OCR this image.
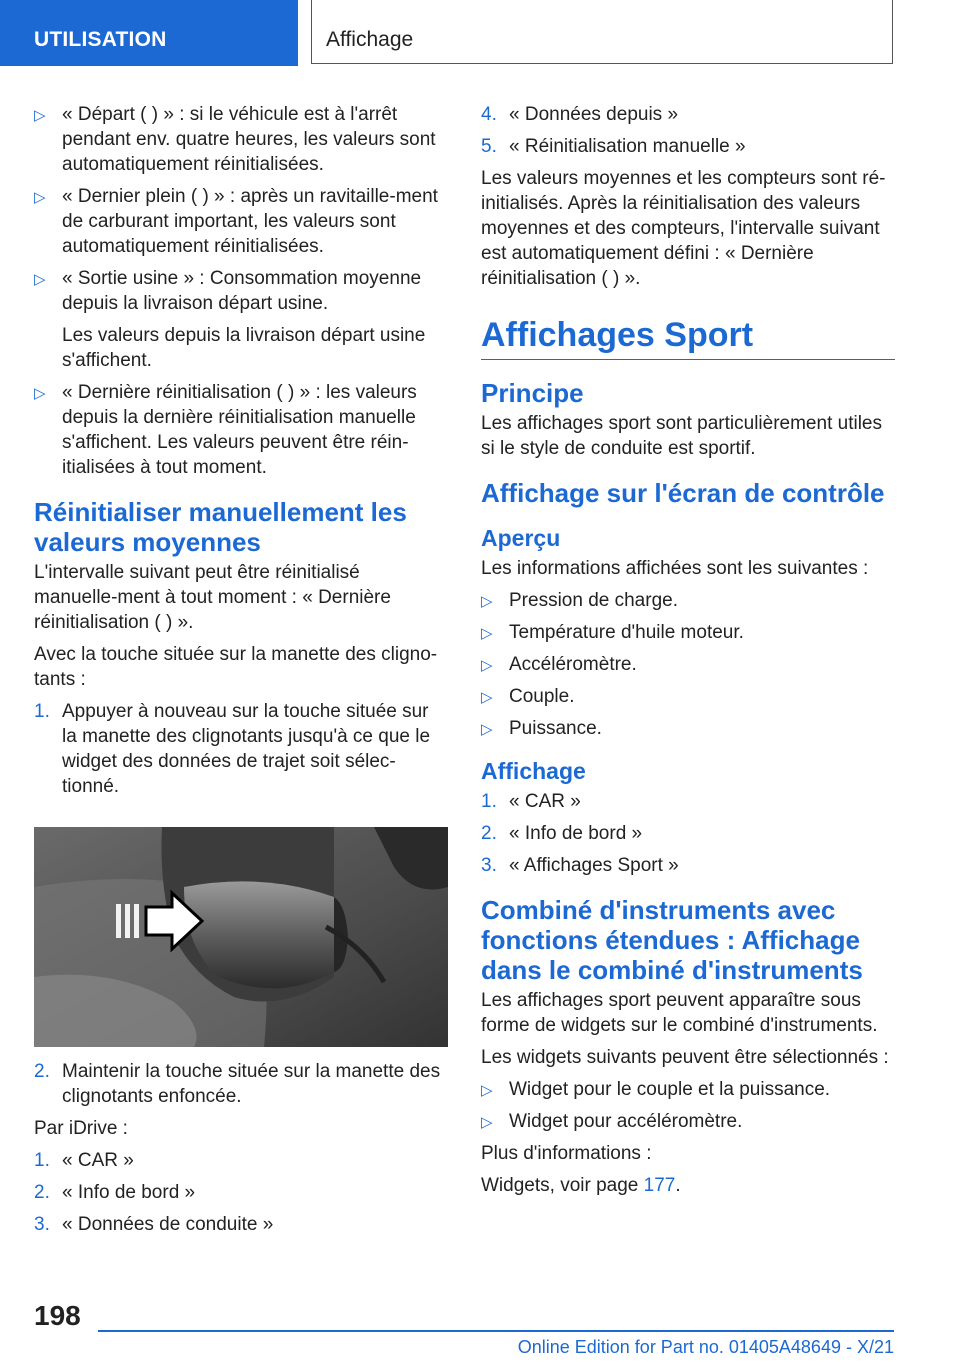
UTILISATION	Affichage
▷ « Départ ( ) » : si le véhicule est à l'arrêt pendant env. quatre heures, les valeurs sont automatiquement réinitialisées.
▷ « Dernier plein ( ) » : après un ravitaille-ment de carburant important, les valeurs sont automatiquement réinitialisées.
▷ « Sortie usine » : Consommation moyenne depuis la livraison départ usine.
Les valeurs depuis la livraison départ usine s'affichent.
▷ « Dernière réinitialisation ( ) » : les valeurs depuis la dernière réinitialisation manuelle s'affichent. Les valeurs peuvent être réin-itialisées à tout moment.
Réinitialiser manuellement les valeurs moyennes

L'intervalle suivant peut être réinitialisé manuelle-ment à tout moment : « Dernière réinitialisation ( ) ».

Avec la touche située sur la manette des cligno-tants :

1. Appuyer à nouveau sur la touche située sur la manette des clignotants jusqu'à ce que le widget des données de trajet soit sélec-tionné.
2. Maintenir la touche située sur la manette des clignotants enfoncée.

Par iDrive :

1. « CAR »
2. « Info de bord »
3. « Données de conduite »
4. « Données depuis »
5. « Réinitialisation manuelle »

Les valeurs moyennes et les compteurs sont ré-initialisés. Après la réinitialisation des valeurs moyennes et des compteurs, l'intervalle suivant est automatiquement défini : « Dernière réinitialisation ( ) ».

Affichages Sport
Principe

Les affichages sport sont particulièrement utiles si le style de conduite est sportif.

Affichage sur l'écran de contrôle
Aperçu

Les informations affichées sont les suivantes :

▷ Pression de charge.
▷ Température d'huile moteur.
▷ Accéléromètre.
▷ Couple.
▷ Puissance.
Affichage
1. « CAR »
2. « Info de bord »
3. « Affichages Sport »
Combiné d'instruments avec fonctions étendues : Affichage dans le combiné d'instruments

Les affichages sport peuvent apparaître sous forme de widgets sur le combiné d'instruments.

Les widgets suivants peuvent être sélectionnés :

▷ Widget pour le couple et la puissance.
▷ Widget pour accéléromètre.

Plus d'informations :

Widgets, voir page 177.

198
Online Edition for Part no. 01405A48649 - X/21
